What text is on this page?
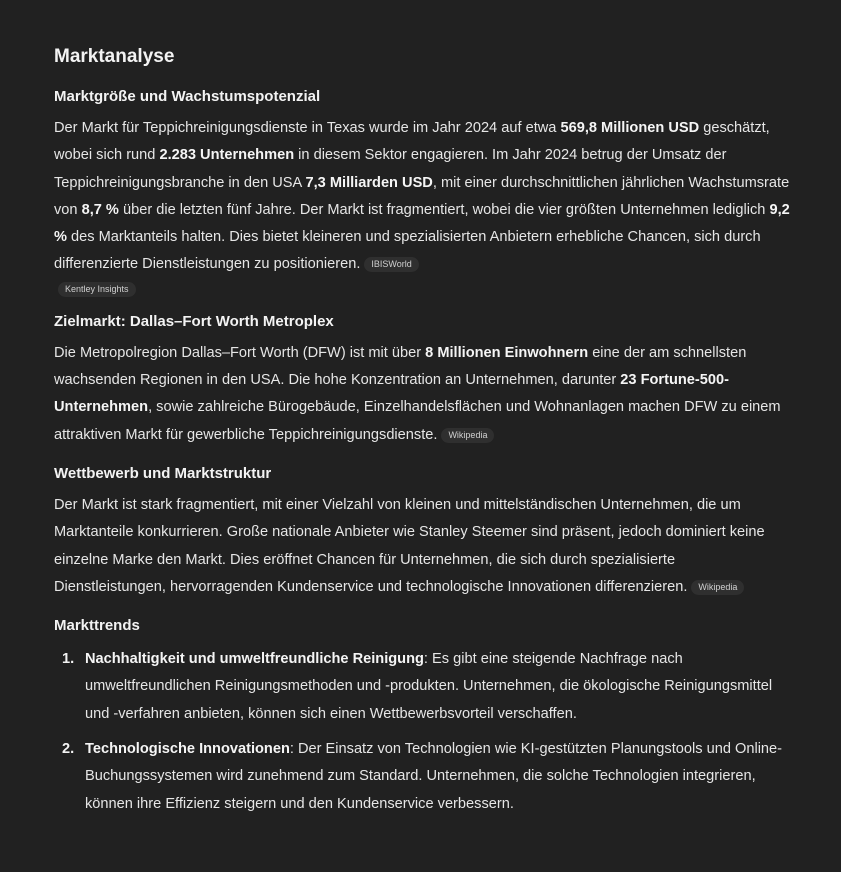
Marktanalyse
Marktgröße und Wachstumspotenzial

Der Markt für Teppichreinigungsdienste in Texas wurde im Jahr 2024 auf etwa 569,8 Millionen USD geschätzt, wobei sich rund 2.283 Unternehmen in diesem Sektor engagieren. Im Jahr 2024 betrug der Umsatz der Teppichreinigungsbranche in den USA 7,3 Milliarden USD, mit einer durchschnittlichen jährlichen Wachstumsrate von 8,7 % über die letzten fünf Jahre. Der Markt ist fragmentiert, wobei die vier größten Unternehmen lediglich 9,2 % des Marktanteils halten. Dies bietet kleineren und spezialisierten Anbietern erhebliche Chancen, sich durch differenzierte Dienstleistungen zu positionieren. IBISWorld

Kentley Insights
Zielmarkt: Dallas–Fort Worth Metroplex

Die Metropolregion Dallas–Fort Worth (DFW) ist mit über 8 Millionen Einwohnern eine der am schnellsten wachsenden Regionen in den USA. Die hohe Konzentration an Unternehmen, darunter 23 Fortune-500-Unternehmen, sowie zahlreiche Bürogebäude, Einzelhandelsflächen und Wohnanlagen machen DFW zu einem attraktiven Markt für gewerbliche Teppichreinigungsdienste. Wikipedia

Wettbewerb und Marktstruktur

Der Markt ist stark fragmentiert, mit einer Vielzahl von kleinen und mittelständischen Unternehmen, die um Marktanteile konkurrieren. Große nationale Anbieter wie Stanley Steemer sind präsent, jedoch dominiert keine einzelne Marke den Markt. Dies eröffnet Chancen für Unternehmen, die sich durch spezialisierte Dienstleistungen, hervorragenden Kundenservice und technologische Innovationen differenzieren. Wikipedia

Markttrends
1. Nachhaltigkeit und umweltfreundliche Reinigung: Es gibt eine steigende Nachfrage nach umweltfreundlichen Reinigungsmethoden und -produkten. Unternehmen, die ökologische Reinigungsmittel und -verfahren anbieten, können sich einen Wettbewerbsvorteil verschaffen.
2. Technologische Innovationen: Der Einsatz von Technologien wie KI-gestützten Planungstools und Online-Buchungssystemen wird zunehmend zum Standard. Unternehmen, die solche Technologien integrieren, können ihre Effizienz steigern und den Kundenservice verbessern.
